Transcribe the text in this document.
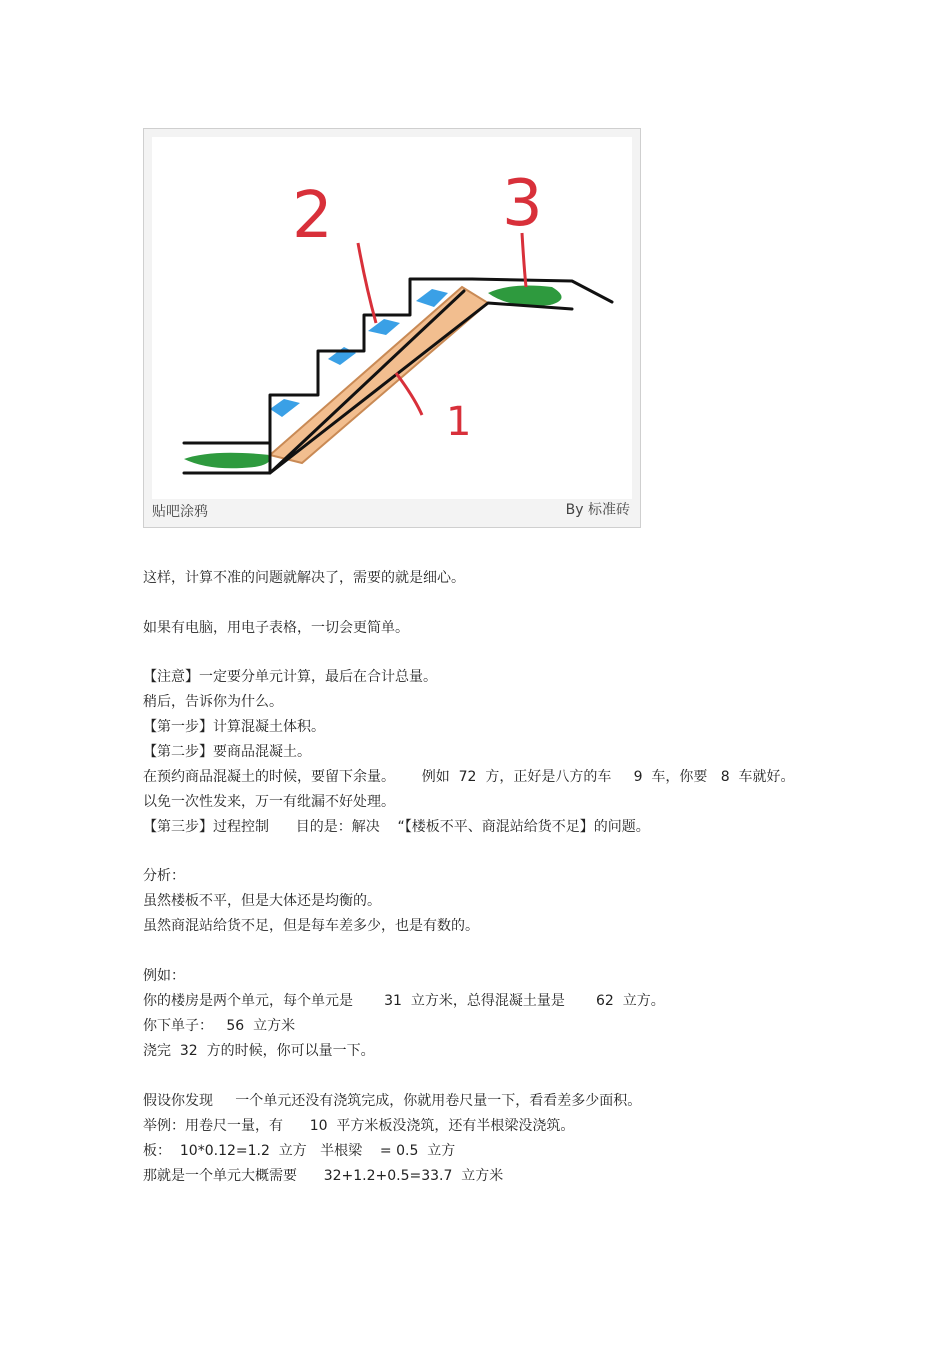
2	3
1
贴吧涂鸦	By 标准砖
这样，计算不准的问题就解决了，需要的就是细心。
如果有电脑，用电子表格，一切会更简单。
【注意】一定要分单元计算，最后在合计总量。
稍后，告诉你为什么。
【第一步】计算混凝土体积。
【第二步】要商品混凝土。
在预约商品混凝土的时候，要留下余量。      例如  72  方，正好是八方的车     9  车，你要   8  车就好。
以免一次性发来，万一有纰漏不好处理。
【第三步】过程控制      目的是：解决    “【楼板不平、商混站给货不足】的问题。
分析：
虽然楼板不平，但是大体还是均衡的。
虽然商混站给货不足，但是每车差多少，也是有数的。
例如：
你的楼房是两个单元，每个单元是       31  立方米，总得混凝土量是       62  立方。
你下单子：   56  立方米
浇完  32  方的时候，你可以量一下。
假设你发现     一个单元还没有浇筑完成，你就用卷尺量一下，看看差多少面积。
举例：用卷尺一量，有      10  平方米板没浇筑，还有半根梁没浇筑。
板：  10*0.12=1.2  立方   半根梁    = 0.5  立方
那就是一个单元大概需要      32+1.2+0.5=33.7  立方米
